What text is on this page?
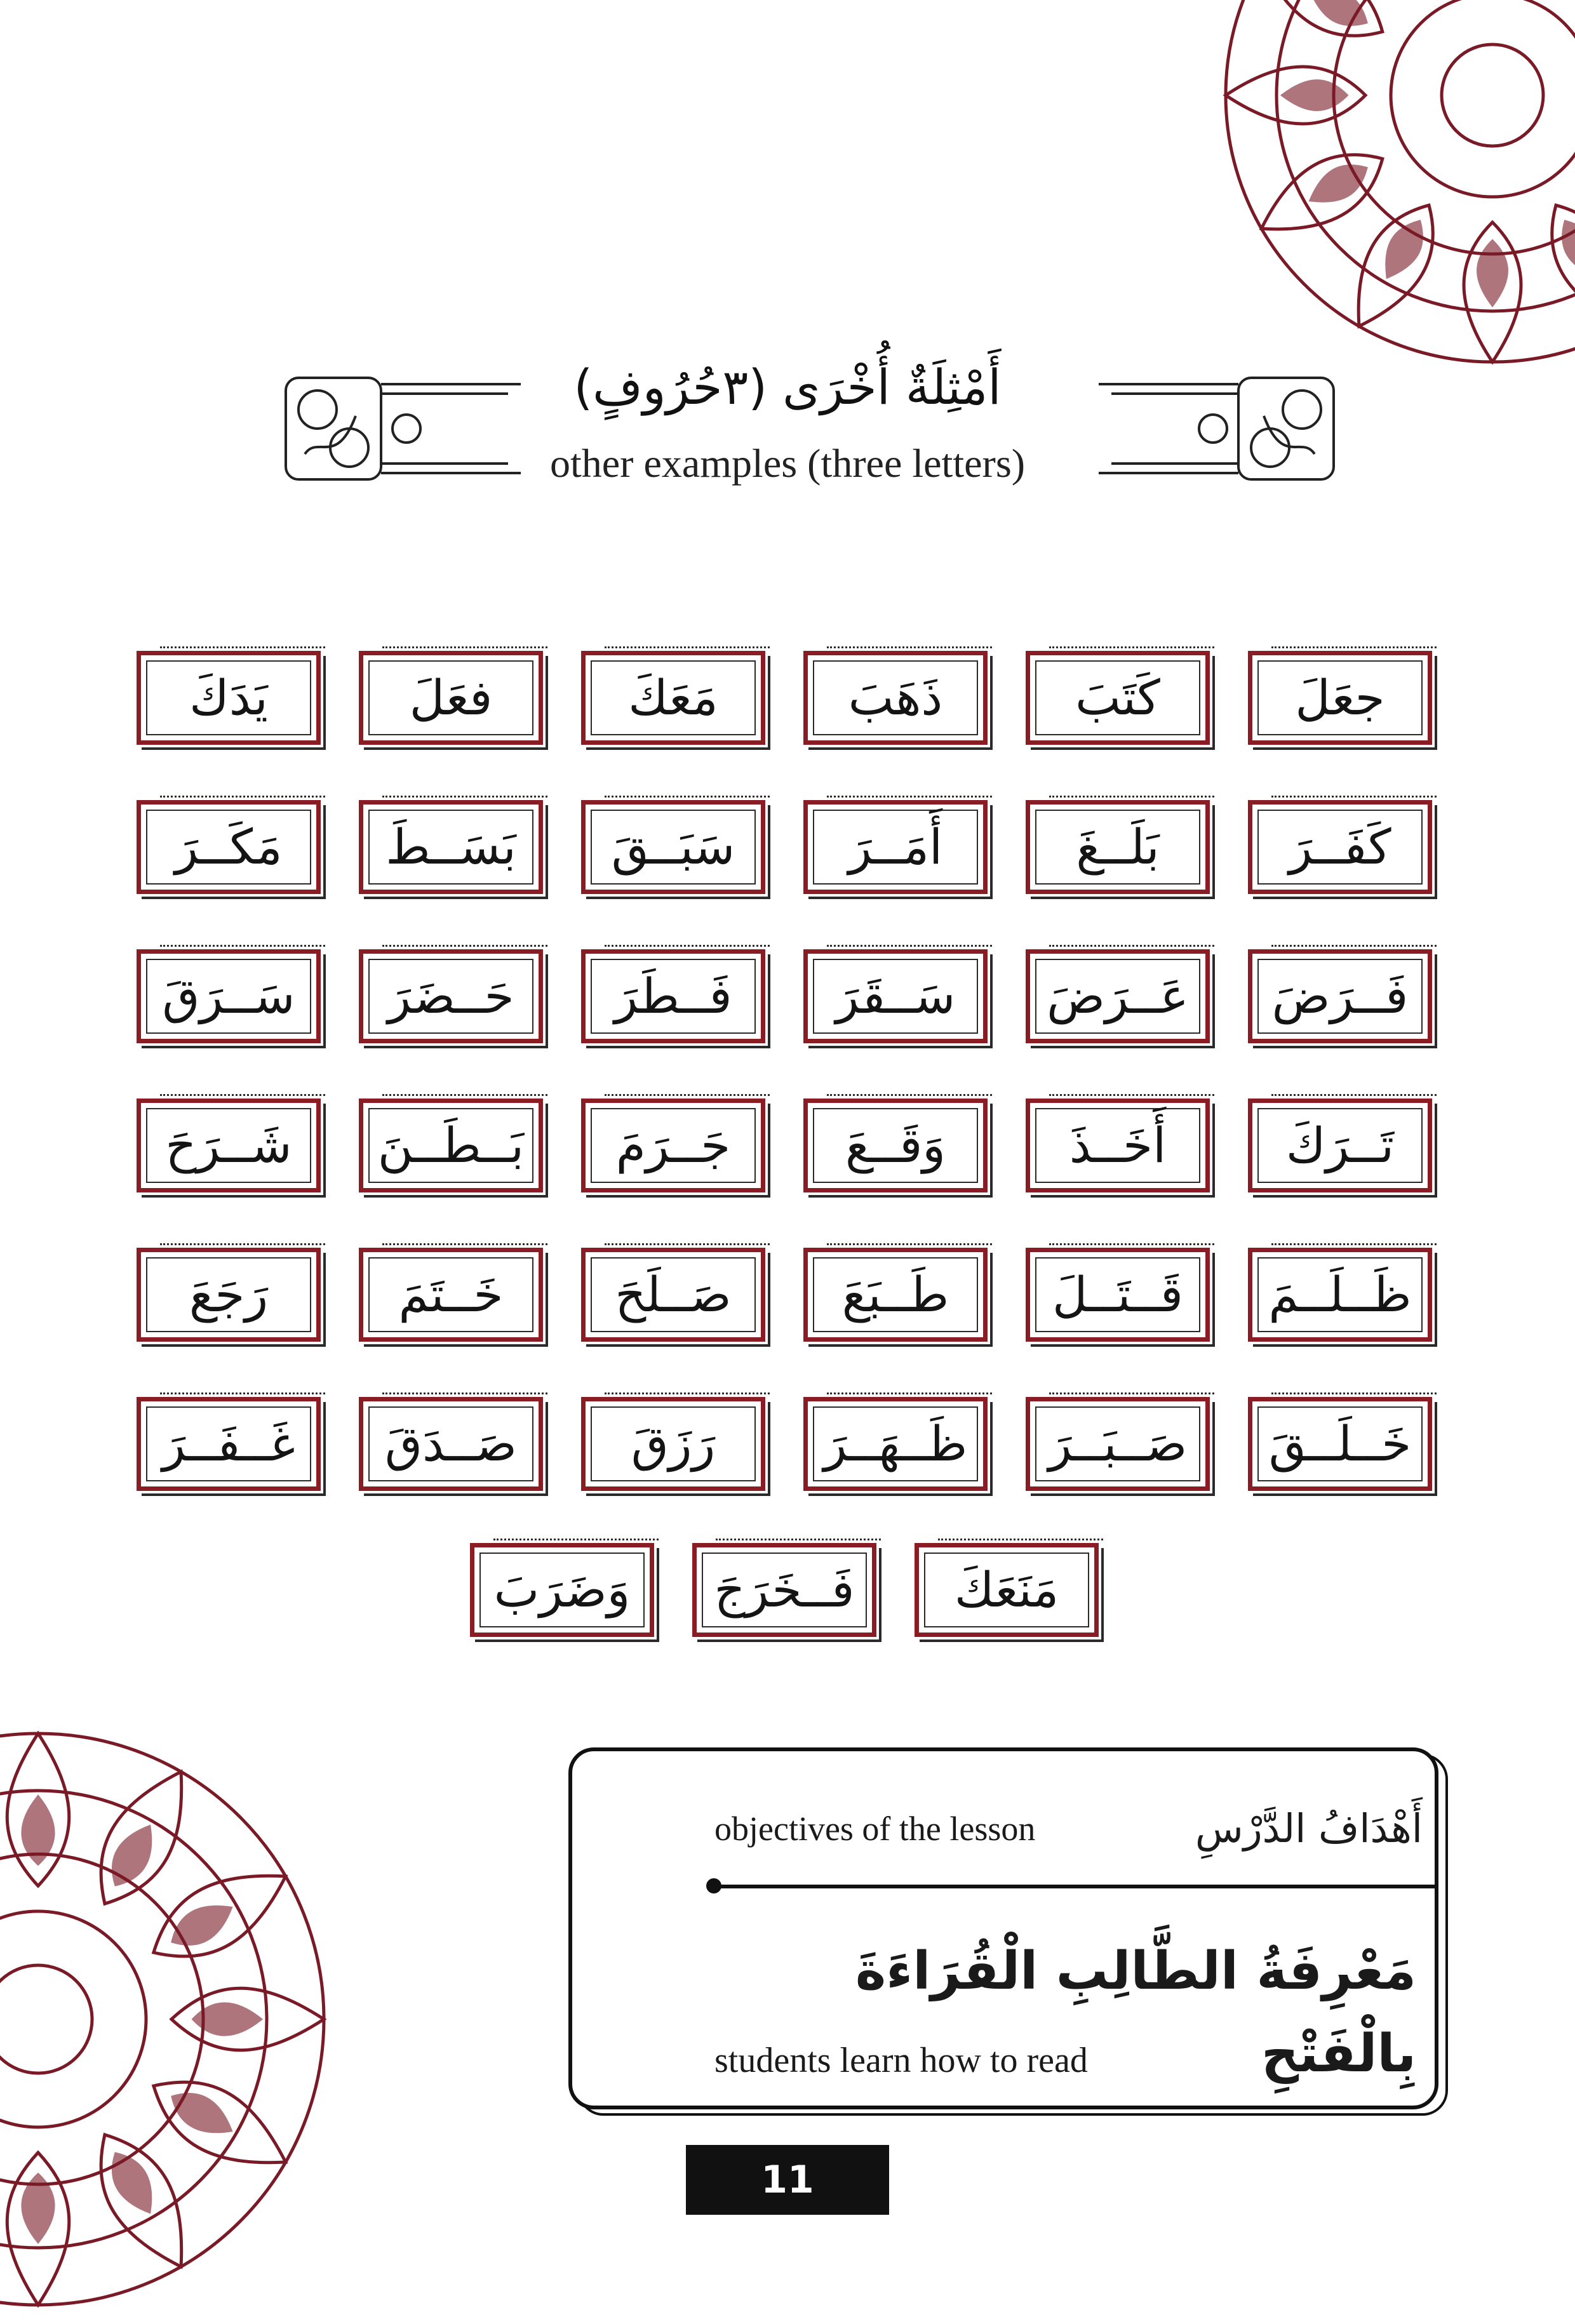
أَمْثِلَةٌ أُخْرَى (٣حُرُوفٍ)
other examples (three letters)
جعَلَ
كَتَبَ
ذَهَبَ
مَعَكَ
فعَلَ
يَدَكَ
كَفَــرَ
بَلَــغَ
أَمَــرَ
سَبَــقَ
بَسَــطَ
مَكَــرَ
فَــرَضَ
عَــرَضَ
سَــقَرَ
فَــطَرَ
حَــضَرَ
سَــرَقَ
تَــرَكَ
أَخَــذَ
وَقَــعَ
جَــرَمَ
بَــطَــنَ
شَــرَحَ
ظَــلَــمَ
قَــتَــلَ
طَــبَعَ
صَــلَحَ
خَــتَمَ
رَجَعَ
خَــلَــقَ
صَــبَــرَ
ظَــهَــرَ
رَزَقَ
صَــدَقَ
غَــفَــرَ
مَنَعَكَ
فَــخَرَجَ
وَضَرَبَ
أَهْدَافُ الدَّرْسِ
objectives of the lesson
مَعْرِفَةُ الطَّالِبِ الْقُرَاءَةَ بِالْفَتْحِ
students learn how to read
11
